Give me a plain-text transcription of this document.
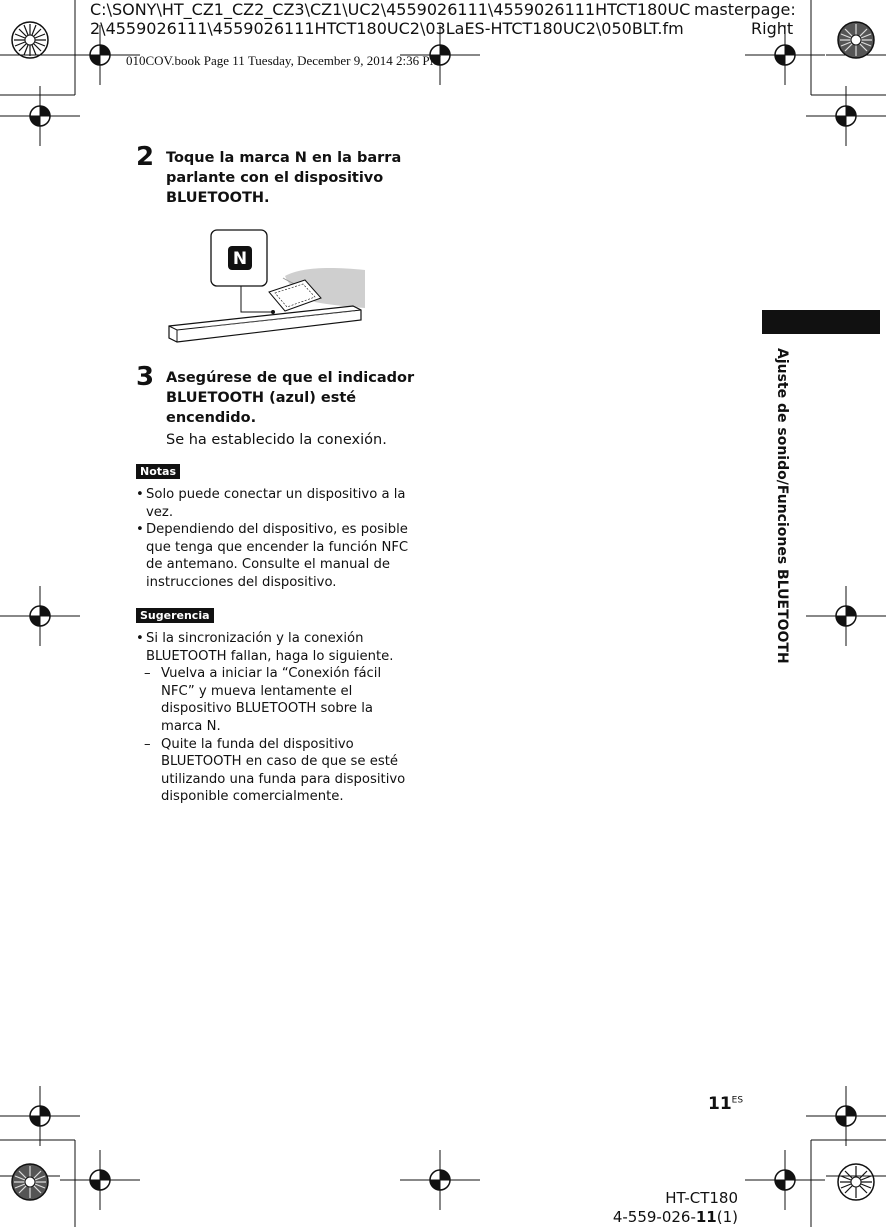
C:\SONY\HT_CZ1_CZ2_CZ3\CZ1\UC2\4559026111\4559026111HTCT180UC
2\4559026111\4559026111HTCT180UC2\03LaES-HTCT180UC2\050BLT.fm
masterpage:
Right
010COV.book Page 11 Tuesday, December 9, 2014 2:36 PM
2 Toque la marca N en la barra parlante con el dispositivo BLUETOOTH.
N
3 Asegúrese de que el indicador BLUETOOTH (azul) esté encendido.
Se ha establecido la conexión.
Notas
• Solo puede conectar un dispositivo a la vez.
• Dependiendo del dispositivo, es posible que tenga que encender la función NFC de antemano. Consulte el manual de instrucciones del dispositivo.
Sugerencia
• Si la sincronización y la conexión BLUETOOTH fallan, haga lo siguiente.
– Vuelva a iniciar la “Conexión fácil NFC” y mueva lentamente el dispositivo BLUETOOTH sobre la marca N.
– Quite la funda del dispositivo BLUETOOTH en caso de que se esté utilizando una funda para dispositivo disponible comercialmente.
Ajuste de sonido/Funciones BLUETOOTH
$11^{ES}$
HT-CT180
4-559-026-11(1)
